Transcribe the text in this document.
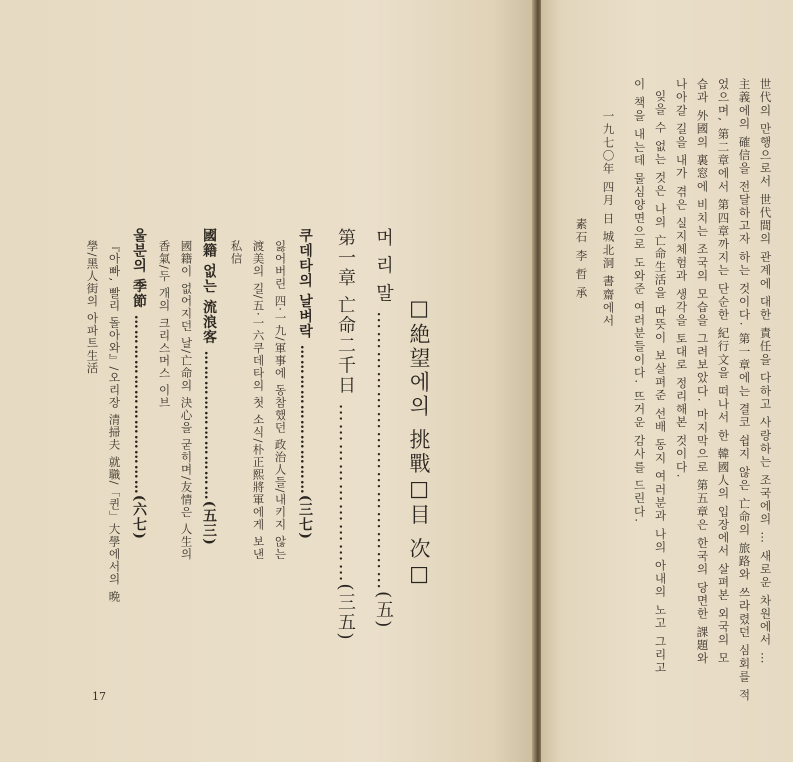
□絶望에의 挑戰□目 次□
머 리 말 ……………………………………(五)
第一章 亡命二千日 ………………………(三五)
쿠데타의 날벼락 …………………………(三七)
잃어버린 四·一九/軍事에 동참했던 政治人들/내키지 않는
渡美의 길/五·一六쿠데타의 첫 소식/朴正熙將軍에게 보낸
私信
國籍 없는 流浪客 …………………………(五三)
國籍이 없어지던 날/亡命의 決心을 굳히며/友情은 人生의
香氣/두 개의 크리스머스 이브
울분의 季節 ………………………………(六七)
『아빠, 빨리 돌아와』/오리장 清掃夫 就職/「퀸」大學에서의 晩
學/黑人街의 아파트生活
17
世代의 만행으로서 世代間의 관계에 대한 責任을 다하고 사랑하는 조국에의 … 새로운 차원에서 …
主義에의 確信을 전달하고자 하는 것이다. 第一章에는 결코 쉽지 않은 亡命의 旅路와 쓰라렸던 심회를 적
었으며, 第二章에서 第四章까지는 단순한 紀行文을 떠나서 한 韓國人의 입장에서 살펴본 외국의 모
습과 外國의 裏窓에 비치는 조국의 모습을 그려보았다. 마지막으로 第五章은 한국의 당면한 課題와
나아갈 길을 내가 겪은 실지체험과 생각을 토대로 정리해본 것이다.
잊을 수 없는 것은 나의 亡命生活을 따뜻이 보살펴준 선배 동지 여러분과 나의 아내의 노고 그리고
이 책을 내는데 물심양면으로 도와준 여러분들이다. 뜨거운 감사를 드린다.
一九七〇年 四月 日 城北洞 書齋에서
素石 李 哲 承
